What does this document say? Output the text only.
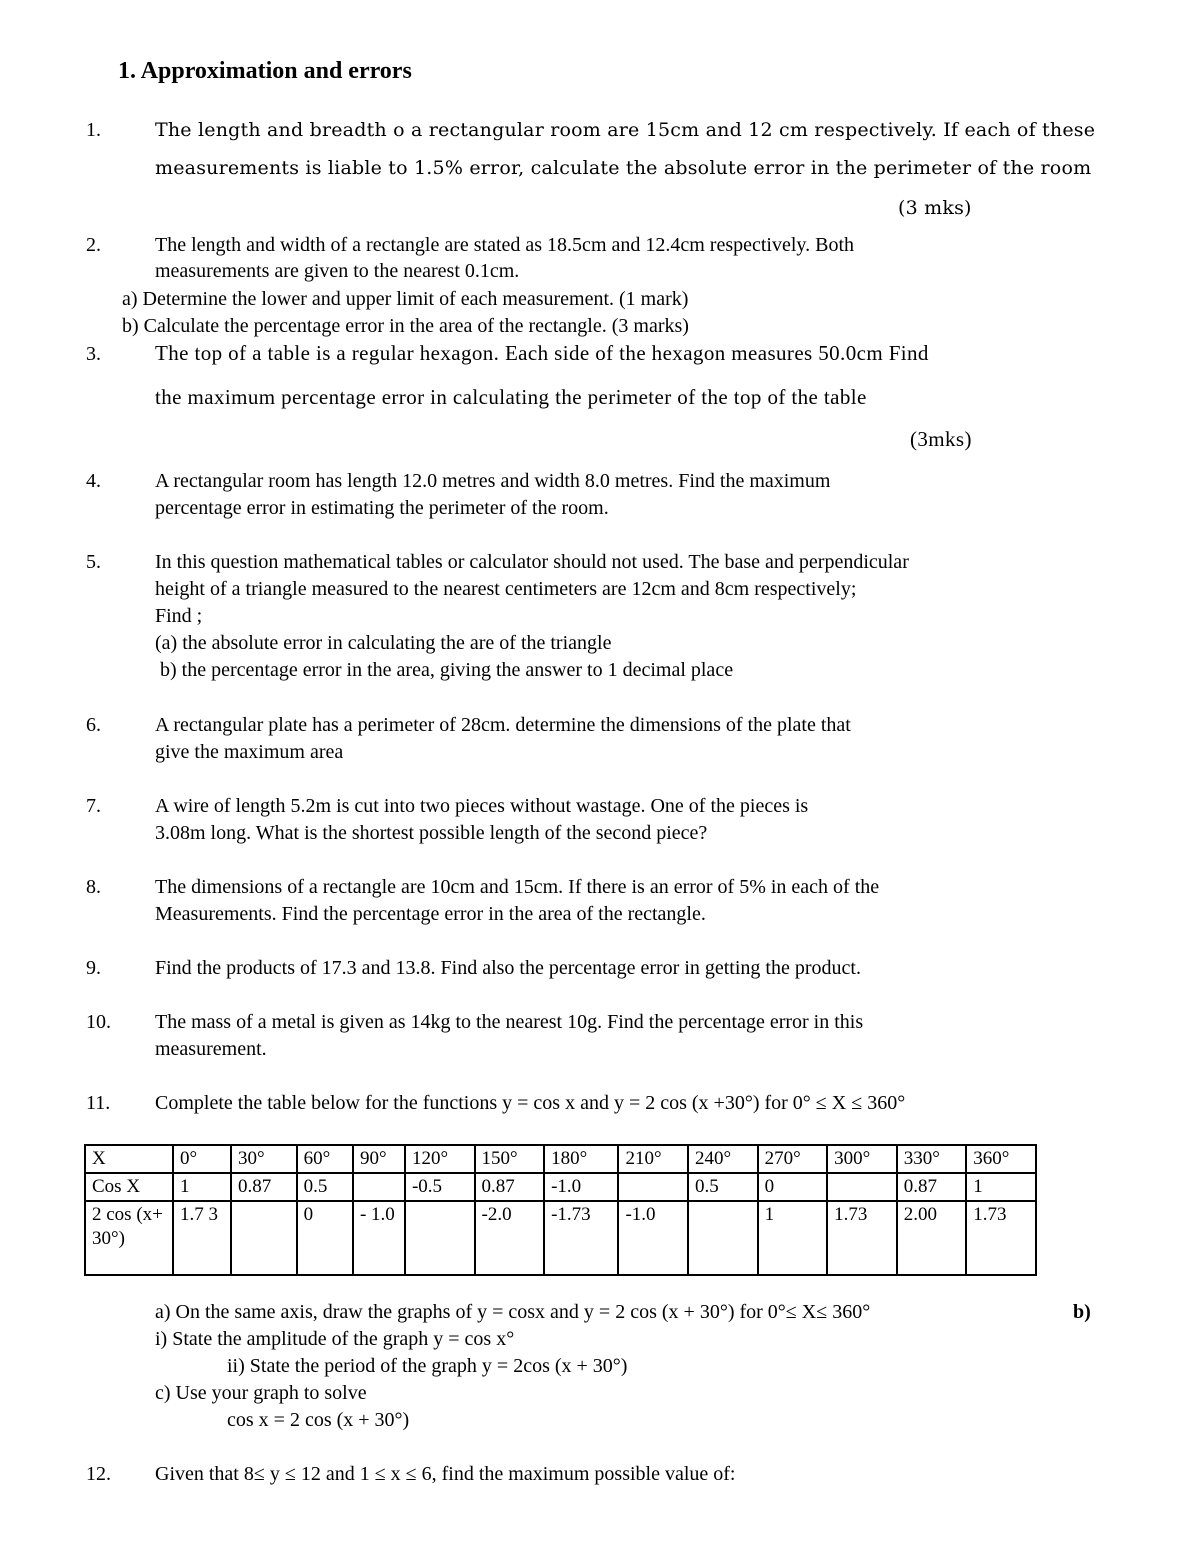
1. Approximation and errors
1.	The length and breadth o a rectangular room are 15cm and 12 cm respectively. If each of these
measurements is liable to 1.5% error, calculate the absolute error in the perimeter of the room
(3 mks)
2.	The length and width of a rectangle are stated as 18.5cm and 12.4cm respectively. Both
measurements are given to the nearest 0.1cm.
a) Determine the lower and upper limit of each measurement. (1 mark)
b) Calculate the percentage error in the area of the rectangle. (3 marks)
3.	The top of a table is a regular hexagon. Each side of the hexagon measures 50.0cm Find
the maximum percentage error in calculating the perimeter of the top of the table
(3mks)
4.	A rectangular room has length 12.0 metres and width 8.0 metres. Find the maximum
percentage error in estimating the perimeter of the room.
5.	In this question mathematical tables or calculator should not used. The base and perpendicular
height of a triangle measured to the nearest centimeters are 12cm and 8cm respectively;
Find ;
(a) the absolute error in calculating the are of the triangle
b) the percentage error in the area, giving the answer to 1 decimal place
6.	A rectangular plate has a perimeter of 28cm. determine the dimensions of the plate that
give the maximum area
7.	A wire of length 5.2m is cut into two pieces without wastage. One of the pieces is
3.08m long. What is the shortest possible length of the second piece?
8.	The dimensions of a rectangle are 10cm and 15cm. If there is an error of 5% in each of the
Measurements. Find the percentage error in the area of the rectangle.
9.	Find the products of 17.3 and 13.8. Find also the percentage error in getting the product.
10. The mass of a metal is given as 14kg to the nearest 10g. Find the percentage error in this
measurement.
11. Complete the table below for the functions y = cos x and y = 2 cos (x +30°) for 0° ≤ X ≤ 360°
X	0°	30°	60°	90°	120°	150°	180°	210°	240°	270°	300°	330°	360°
Cos X	1	0.87	0.5		-0.5	0.87	-1.0		0.5	0		0.87	1
2 cos (x+ 30°)	1.7 3		0	- 1.0		-2.0	-1.73	-1.0		1	1.73	2.00	1.73
a) On the same axis, draw the graphs of y = cosx and y = 2 cos (x + 30°) for 0°≤ X≤ 360°	b)
i) State the amplitude of the graph y = cos x°
ii) State the period of the graph y = 2cos (x + 30°)
c) Use your graph to solve
cos x = 2 cos (x + 30°)
12. Given that 8≤ y ≤ 12 and 1 ≤ x ≤ 6, find the maximum possible value of:
